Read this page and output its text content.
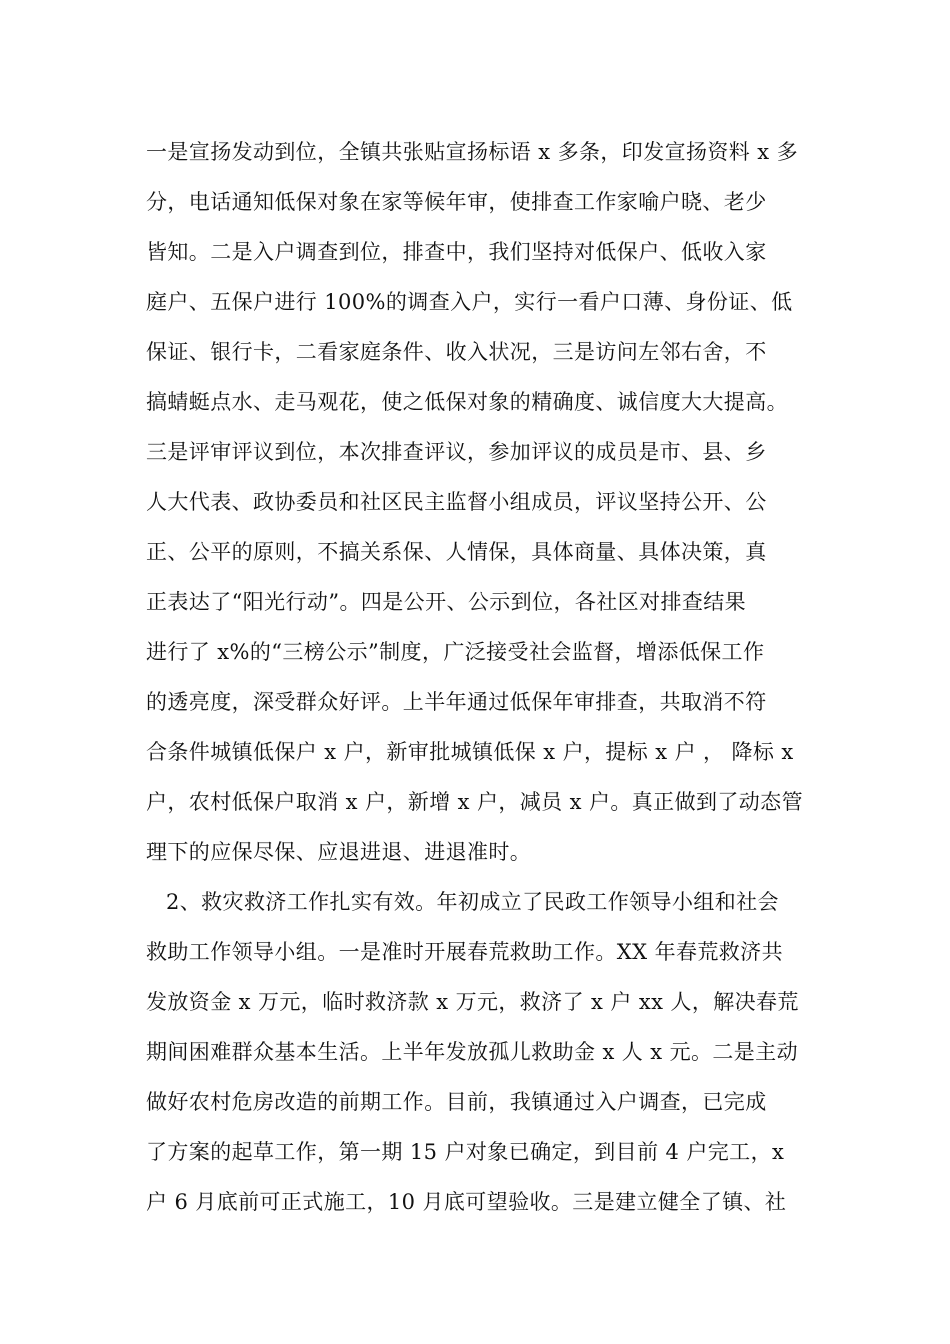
一是宣扬发动到位，全镇共张贴宣扬标语 x 多条，印发宣扬资料 x 多
分，电话通知低保对象在家等候年审，使排查工作家喻户晓、老少
皆知。二是入户调查到位，排查中，我们坚持对低保户、低收入家
庭户、五保户进行 100%的调查入户，实行一看户口薄、身份证、低
保证、银行卡，二看家庭条件、收入状况，三是访问左邻右舍，不
搞蜻蜓点水、走马观花，使之低保对象的精确度、诚信度大大提高。
三是评审评议到位，本次排查评议，参加评议的成员是市、县、乡
人大代表、政协委员和社区民主监督小组成员，评议坚持公开、公
正、公平的原则，不搞关系保、人情保，具体商量、具体决策，真
正表达了“阳光行动”。四是公开、公示到位，各社区对排查结果
进行了 x%的“三榜公示”制度，广泛接受社会监督，增添低保工作
的透亮度，深受群众好评。上半年通过低保年审排查，共取消不符
合条件城镇低保户 x 户，新审批城镇低保 x 户，提标 x 户 ， 降标 x
户，农村低保户取消 x 户，新增 x 户，减员 x 户。真正做到了动态管
理下的应保尽保、应退进退、进退准时。
2、救灾救济工作扎实有效。年初成立了民政工作领导小组和社会
救助工作领导小组。一是准时开展春荒救助工作。XX 年春荒救济共
发放资金 x 万元，临时救济款 x 万元，救济了 x 户 xx 人，解决春荒
期间困难群众基本生活。上半年发放孤儿救助金 x 人 x 元。二是主动
做好农村危房改造的前期工作。目前，我镇通过入户调查，已完成
了方案的起草工作，第一期 15 户对象已确定，到目前 4 户完工，x
户 6 月底前可正式施工，10 月底可望验收。三是建立健全了镇、社
